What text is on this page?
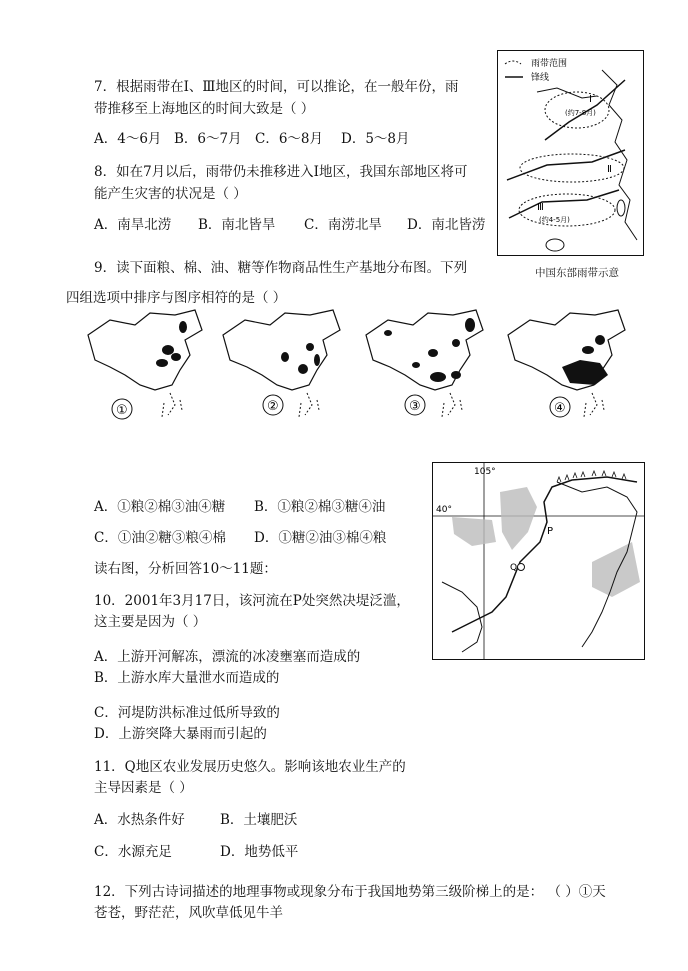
7．根据雨带在Ⅰ、Ⅲ地区的时间，可以推论，在一般年份，雨
带推移至上海地区的时间大致是（ ）
A．4～6月 B．6～7月 C．6～8月 D．5～8月
8．如在7月以后，雨带仍未推移进入Ⅰ地区，我国东部地区将可
能产生灾害的状况是（ ）
A．南旱北涝 B．南北皆旱 C．南涝北旱 D．南北皆涝
雨带范围
锋线
Ⅰ
(约7-8月)
Ⅱ
Ⅲ
(约4-5月)
中国东部雨带示意
9．读下面粮、棉、油、糖等作物商品性生产基地分布图。下列
四组选项中排序与图序相符的是（ ）
①	②	③	④
105°
40°
P
Q
A．①粮②棉③油④糖 B．①粮②棉③糖④油
C．①油②糖③粮④棉 D．①糖②油③棉④粮
读右图，分析回答10～11题：
10．2001年3月17日，该河流在P处突然决堤泛滥，
这主要是因为（ ）
A．上游开河解冻，漂流的冰凌壅塞而造成的
B．上游水库大量泄水而造成的
C．河堤防洪标准过低所导致的
D．上游突降大暴雨而引起的
11．Q地区农业发展历史悠久。影响该地农业生产的
主导因素是（ ）
A．水热条件好	B．土壤肥沃
C．水源充足	D．地势低平
12．下列古诗词描述的地理事物或现象分布于我国地势第三级阶梯上的是： （ ）①天
苍苍，野茫茫，风吹草低见牛羊
